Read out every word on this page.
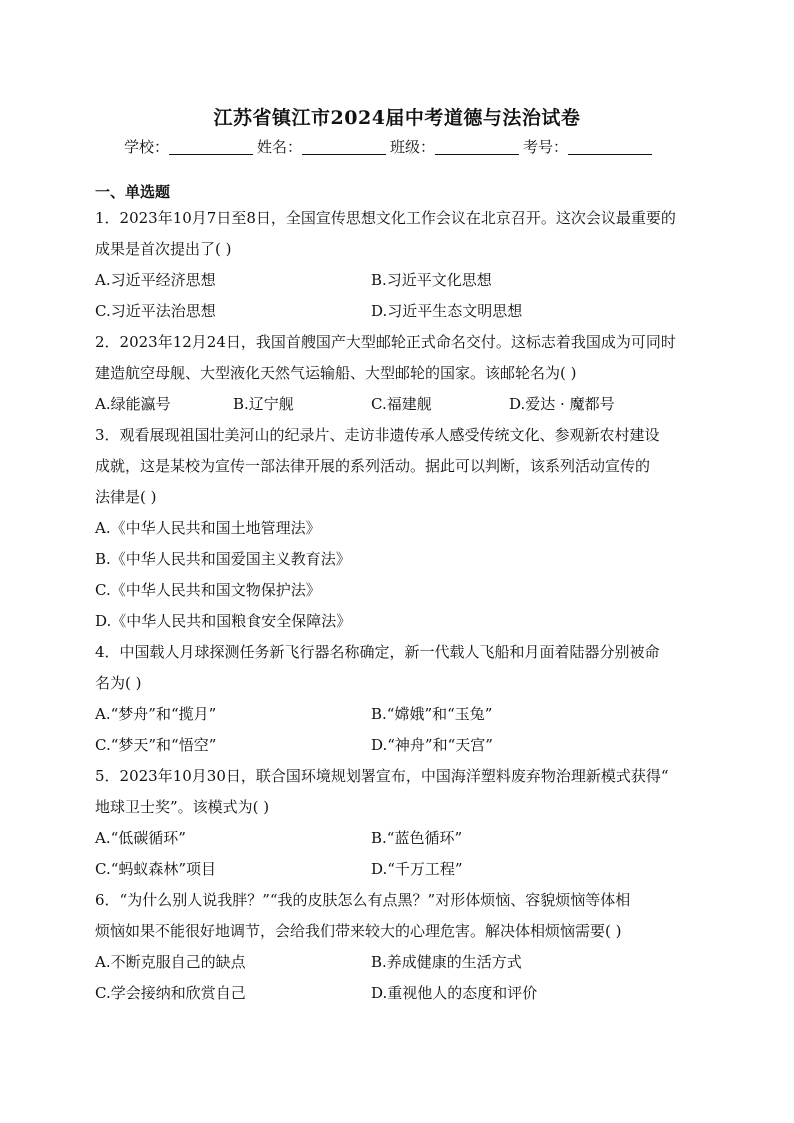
江苏省镇江市2024届中考道德与法治试卷
学校：	姓名：	班级：	考号：
一、单选题
1．2023年10月7日至8日，全国宣传思想文化工作会议在北京召开。这次会议最重要的
成果是首次提出了( )
A.习近平经济思想	B.习近平文化思想
C.习近平法治思想	D.习近平生态文明思想
2．2023年12月24日，我国首艘国产大型邮轮正式命名交付。这标志着我国成为可同时
建造航空母舰、大型液化天然气运输船、大型邮轮的国家。该邮轮名为( )
A.绿能瀛号	B.辽宁舰	C.福建舰	D.爱达 · 魔都号
3．观看展现祖国壮美河山的纪录片、走访非遗传承人感受传统文化、参观新农村建设
成就，这是某校为宣传一部法律开展的系列活动。据此可以判断，该系列活动宣传的
法律是( )
A.《中华人民共和国土地管理法》
B.《中华人民共和国爱国主义教育法》
C.《中华人民共和国文物保护法》
D.《中华人民共和国粮食安全保障法》
4．中国载人月球探测任务新飞行器名称确定，新一代载人飞船和月面着陆器分别被命
名为( )
A.“梦舟”和“揽月”	B.“嫦娥”和“玉兔”
C.“梦天”和“悟空”	D.“神舟”和“天宫”
5．2023年10月30日，联合国环境规划署宣布，中国海洋塑料废弃物治理新模式获得“
地球卫士奖”。该模式为( )
A.“低碳循环”	B.“蓝色循环”
C.“蚂蚁森林”项目	D.“千万工程”
6．“为什么别人说我胖？”“我的皮肤怎么有点黑？”对形体烦恼、容貌烦恼等体相
烦恼如果不能很好地调节，会给我们带来较大的心理危害。解决体相烦恼需要( )
A.不断克服自己的缺点	B.养成健康的生活方式
C.学会接纳和欣赏自己	D.重视他人的态度和评价
